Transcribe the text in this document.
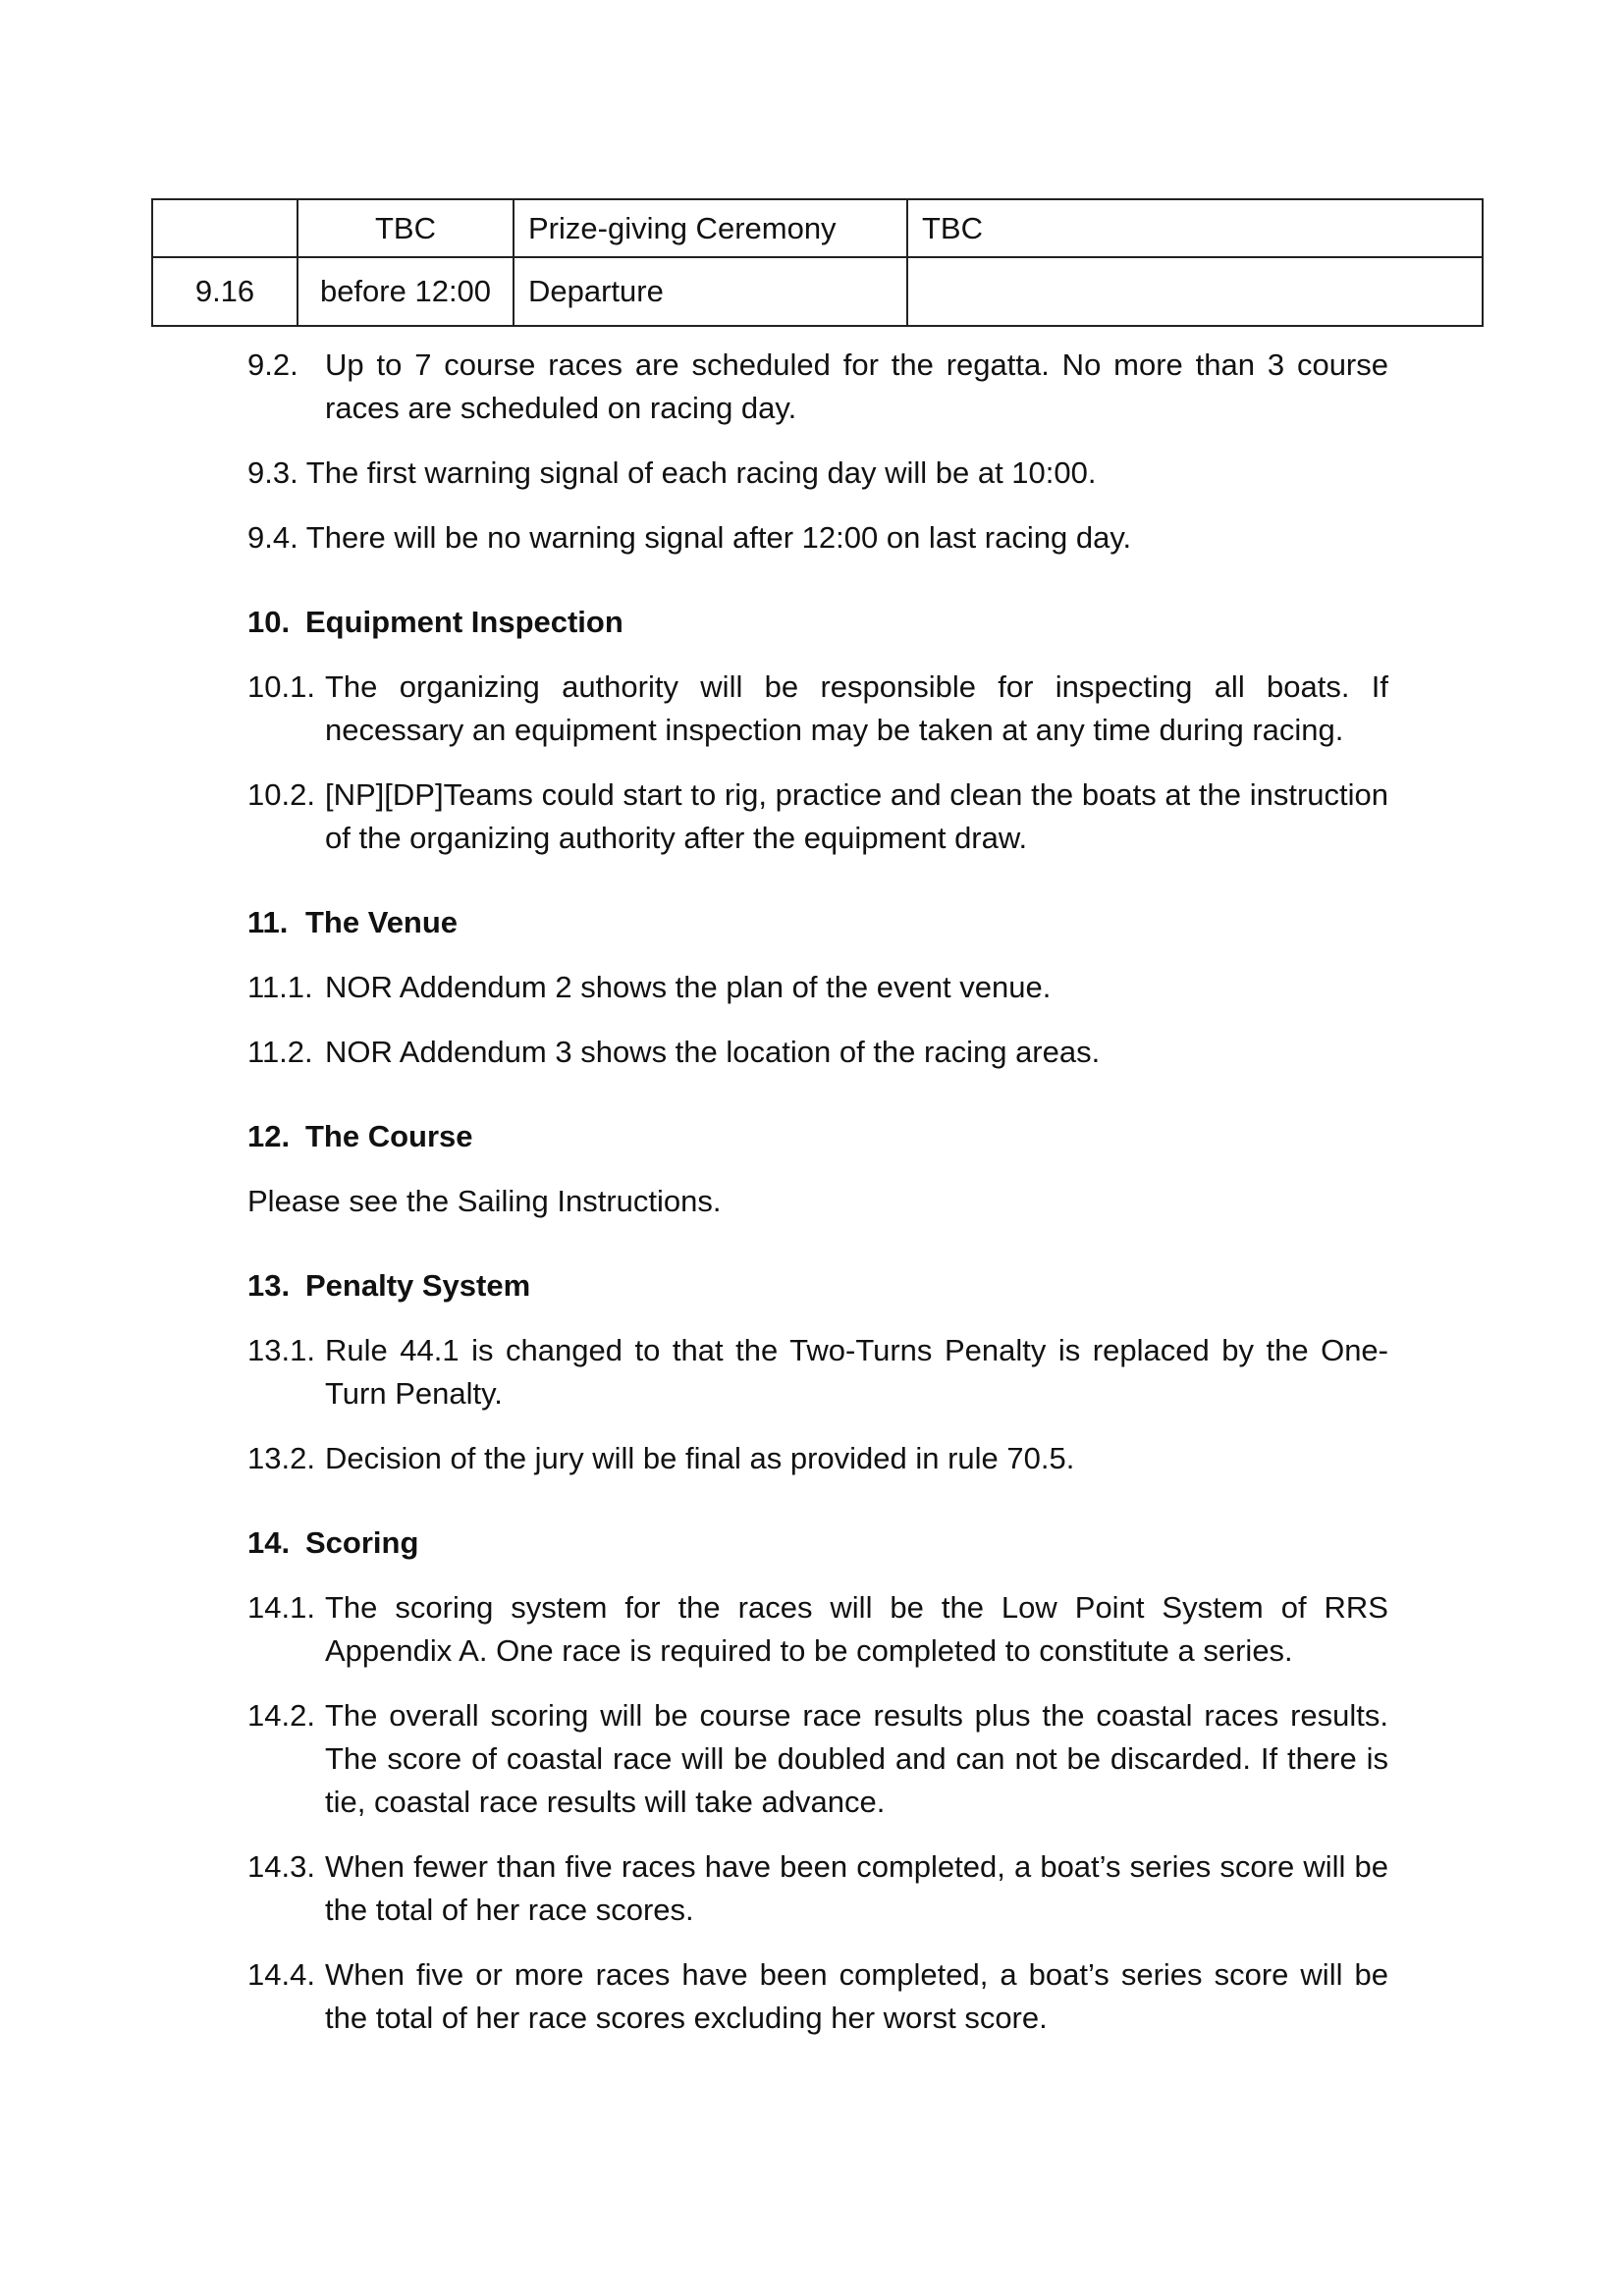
	TBC	Prize-giving Ceremony	TBC
9.16	before 12:00	Departure	
9.2. Up to 7 course races are scheduled for the regatta. No more than 3 course races are scheduled on racing day.
9.3. The first warning signal of each racing day will be at 10:00.
9.4. There will be no warning signal after 12:00 on last racing day.
10. Equipment Inspection
10.1. The organizing authority will be responsible for inspecting all boats. If necessary an equipment inspection may be taken at any time during racing.
10.2. [NP][DP]Teams could start to rig, practice and clean the boats at the instruction of the organizing authority after the equipment draw.
11. The Venue
11.1. NOR Addendum 2 shows the plan of the event venue.
11.2. NOR Addendum 3 shows the location of the racing areas.
12. The Course
Please see the Sailing Instructions.
13. Penalty System
13.1. Rule 44.1 is changed to that the Two-Turns Penalty is replaced by the One-Turn Penalty.
13.2. Decision of the jury will be final as provided in rule 70.5.
14. Scoring
14.1. The scoring system for the races will be the Low Point System of RRS Appendix A. One race is required to be completed to constitute a series.
14.2. The overall scoring will be course race results plus the coastal races results. The score of coastal race will be doubled and can not be discarded. If there is tie, coastal race results will take advance.
14.3. When fewer than five races have been completed, a boat’s series score will be the total of her race scores.
14.4. When five or more races have been completed, a boat’s series score will be the total of her race scores excluding her worst score.
